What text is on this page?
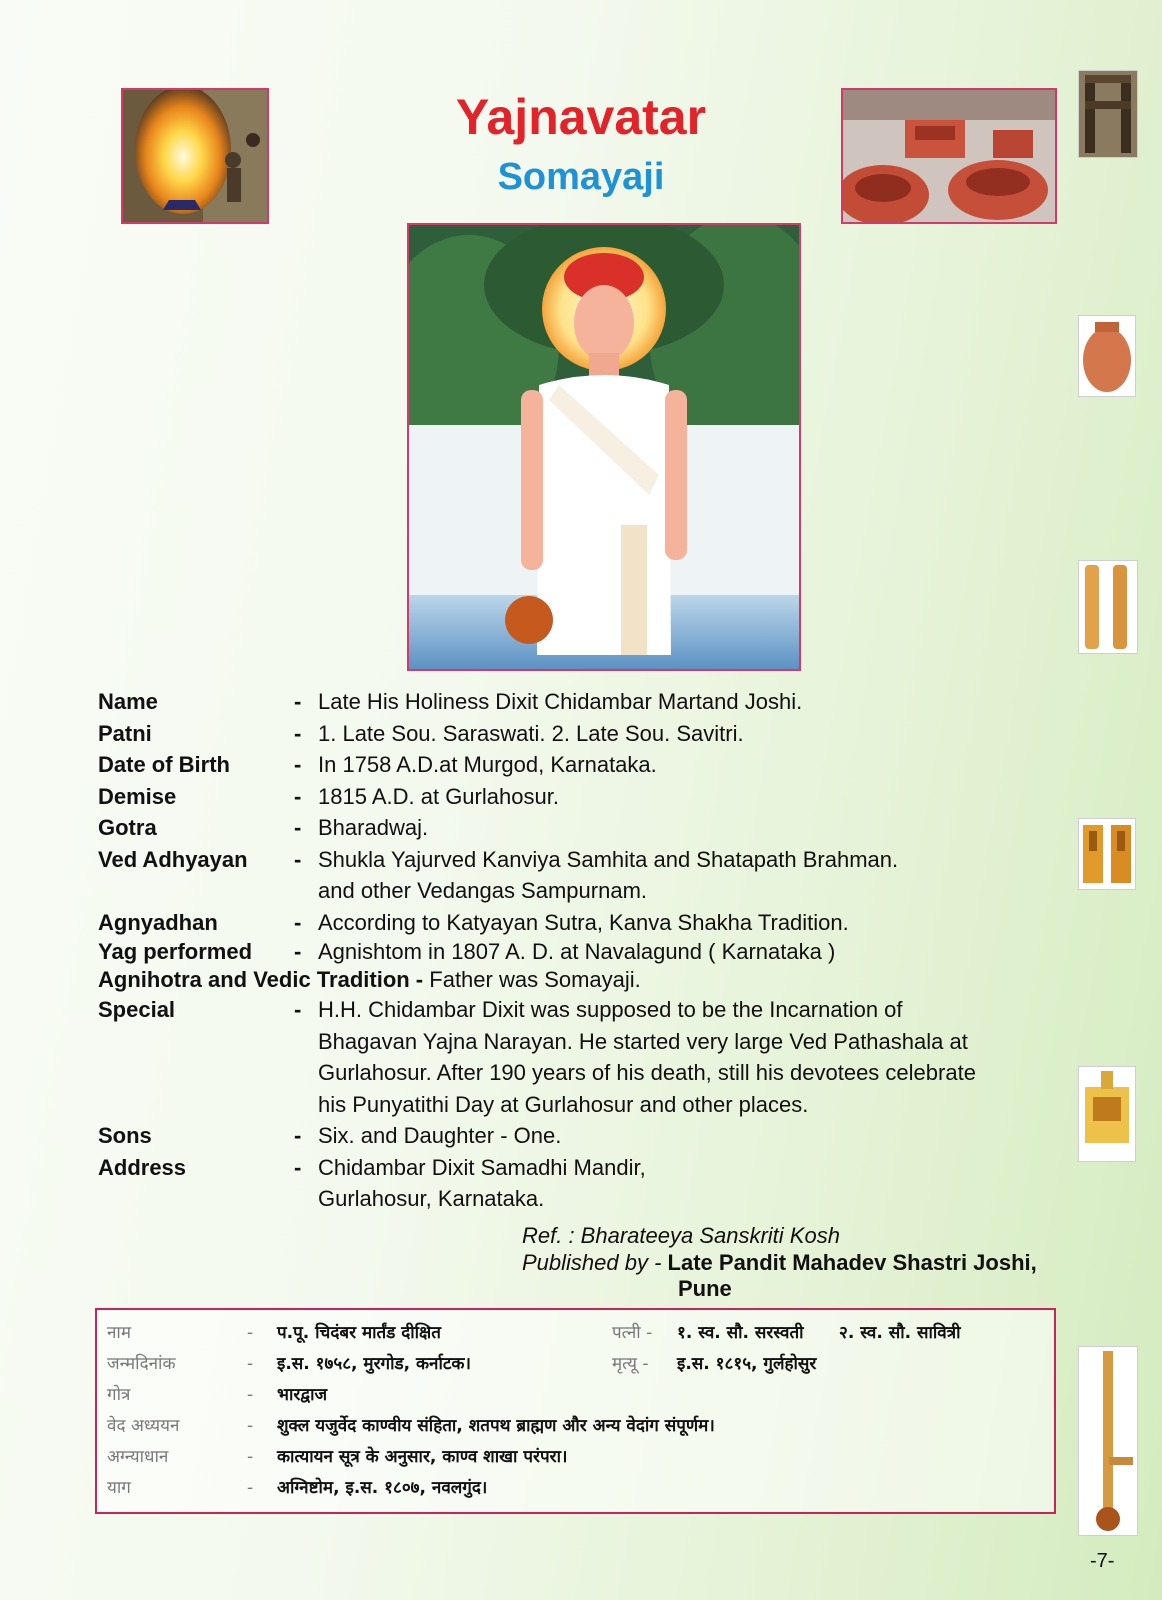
Yajnavatar
Somayaji
Name	- Late His Holiness Dixit Chidambar Martand Joshi.
Patni	- 1. Late Sou. Saraswati. 2. Late Sou. Savitri.
Date of Birth	- In 1758 A.D.at Murgod, Karnataka.
Demise	- 1815 A.D. at Gurlahosur.
Gotra	- Bharadwaj.
Ved Adhyayan	- Shukla Yajurved Kanviya Samhita and Shatapath Brahman.
and other Vedangas Sampurnam.
Agnyadhan	- According to Katyayan Sutra, Kanva Shakha Tradition.
Yag performed	- Agnishtom in 1807 A. D. at Navalagund ( Karnataka )
Agnihotra and Vedic Tradition - Father was Somayaji.
Special	- H.H. Chidambar Dixit was supposed to be the Incarnation of
Bhagavan Yajna Narayan. He started very large Ved Pathashala at
Gurlahosur. After 190 years of his death, still his devotees celebrate
his Punyatithi Day at Gurlahosur and other places.
Sons	- Six. and Daughter - One.
Address	- Chidambar Dixit Samadhi Mandir,
Gurlahosur, Karnataka.
Ref. : Bharateeya Sanskriti Kosh
Published by - Late Pandit Mahadev Shastri Joshi,
Pune
नाम	- प.पू. चिदंबर मार्तंड दीक्षित	पत्नी - १. स्व. सौ. सरस्वती      २. स्व. सौ. सावित्री
जन्मदिनांक	- इ.स. १७५८, मुरगोड, कर्नाटक।	मृत्यू - इ.स. १८१५, गुर्लहोसुर
गोत्र	- भारद्वाज
वेद अध्ययन	- शुक्ल यजुर्वेद काण्वीय संहिता, शतपथ ब्राह्मण और अन्य वेदांग संपूर्णम।
अग्न्याधान	- कात्यायन सूत्र के अनुसार, काण्व शाखा परंपरा।
याग	- अग्निष्टोम, इ.स. १८०७, नवलगुंद।
-7-
